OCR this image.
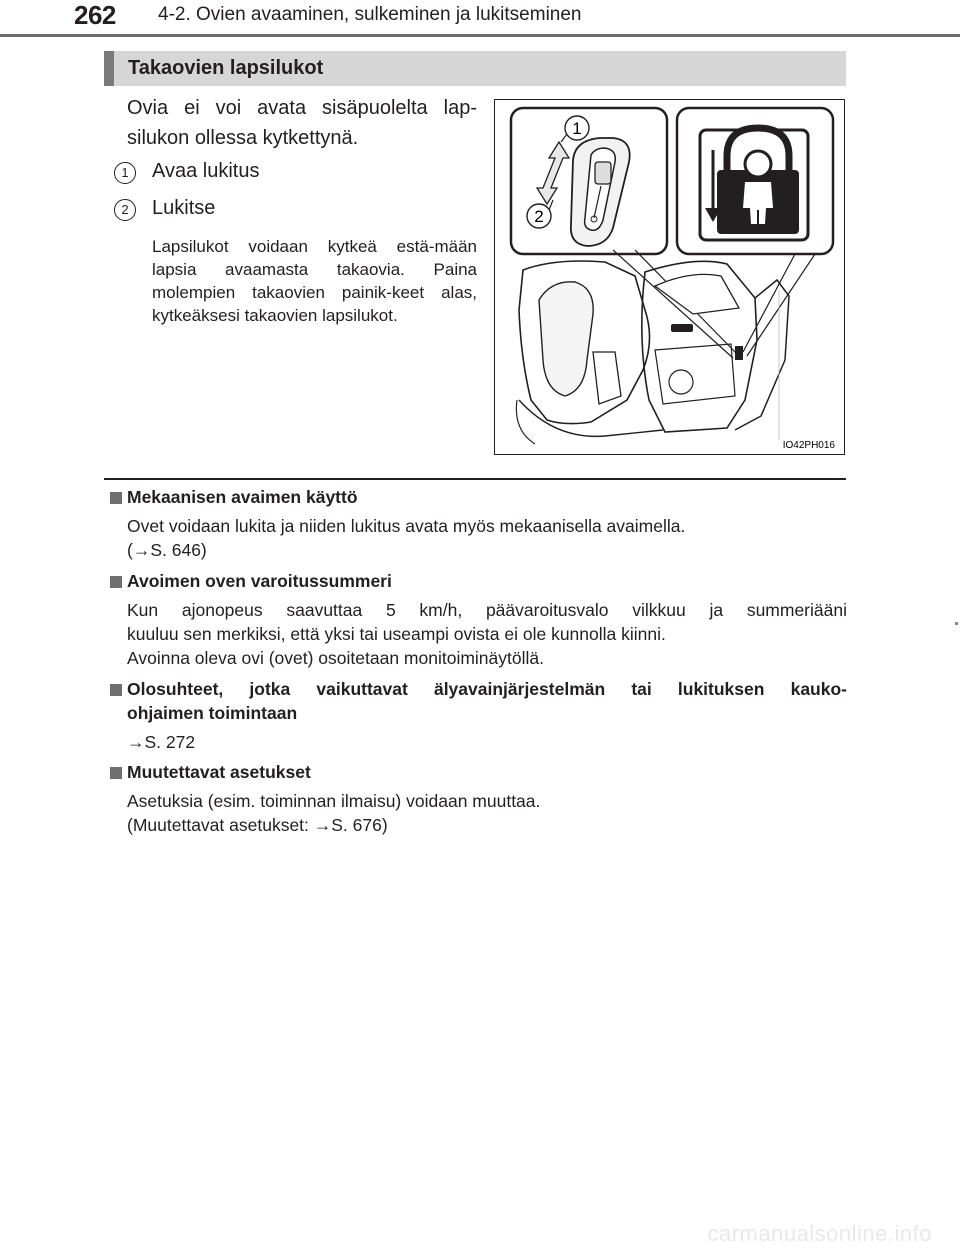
262 4-2. Ovien avaaminen, sulkeminen ja lukitseminen
Takaovien lapsilukot
Ovia ei voi avata sisäpuolelta lap-silukon ollessa kytkettynä.
1	Avaa lukitus
2	Lukitse
Lapsilukot voidaan kytkeä estä-mään lapsia avaamasta takaovia. Paina molempien takaovien painik-keet alas, kytkeäksesi takaovien lapsilukot.
1
2
IO42PH016
Mekaanisen avaimen käyttö
Ovet voidaan lukita ja niiden lukitus avata myös mekaanisella avaimella.
(→S. 646)
Avoimen oven varoitussummeri
Kun ajonopeus saavuttaa 5 km/h, päävaroitusvalo vilkkuu ja summeriääni
kuuluu sen merkiksi, että yksi tai useampi ovista ei ole kunnolla kiinni.
Avoinna oleva ovi (ovet) osoitetaan monitoiminäytöllä.
Olosuhteet, jotka vaikuttavat älyavainjärjestelmän tai lukituksen kauko-
ohjaimen toimintaan
→S. 272
Muutettavat asetukset
Asetuksia (esim. toiminnan ilmaisu) voidaan muuttaa.
(Muutettavat asetukset: →S. 676)
carmanualsonline.info
